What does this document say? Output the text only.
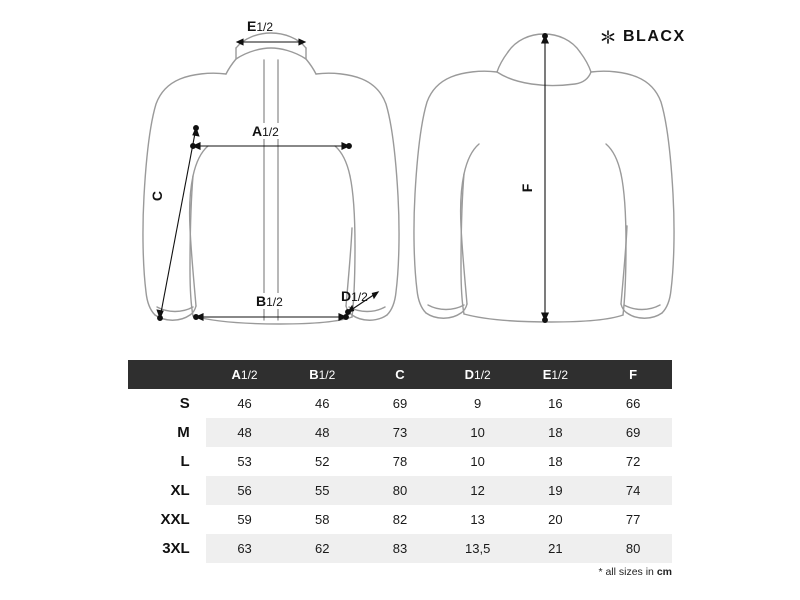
BLACX
E1/2
A1/2
B1/2
C
D1/2
F
	A1/2	B1/2	C	D1/2	E1/2	F
S	46	46	69	9	16	66
M	48	48	73	10	18	69
L	53	52	78	10	18	72
XL	56	55	80	12	19	74
XXL	59	58	82	13	20	77
3XL	63	62	83	13,5	21	80
* all sizes in cm
